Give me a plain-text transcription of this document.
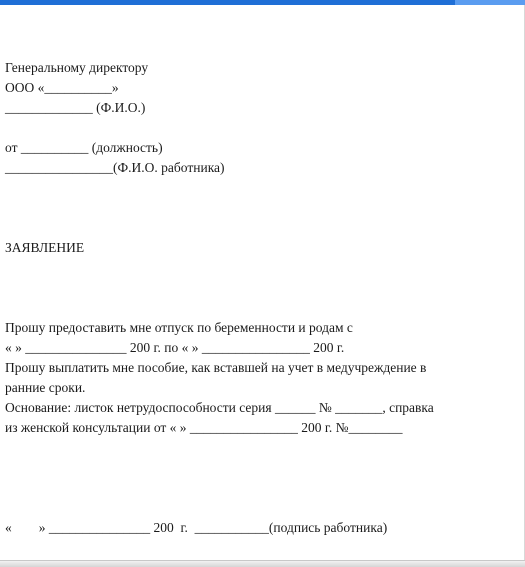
Генеральному директору
ООО «__________»
_____________ (Ф.И.О.)
от __________ (должность)
________________(Ф.И.О. работника)
ЗАЯВЛЕНИЕ
Прошу предоставить мне отпуск по беременности и родам с
« » _______________ 200 г. по « » ________________ 200 г.
Прошу выплатить мне пособие, как вставшей на учет в медучреждение в
ранние сроки.
Основание: листок нетрудоспособности серия ______ № _______, справка
из женской консультации от « » ________________ 200 г. №________
«        » _______________ 200  г.  ___________(подпись работника)
